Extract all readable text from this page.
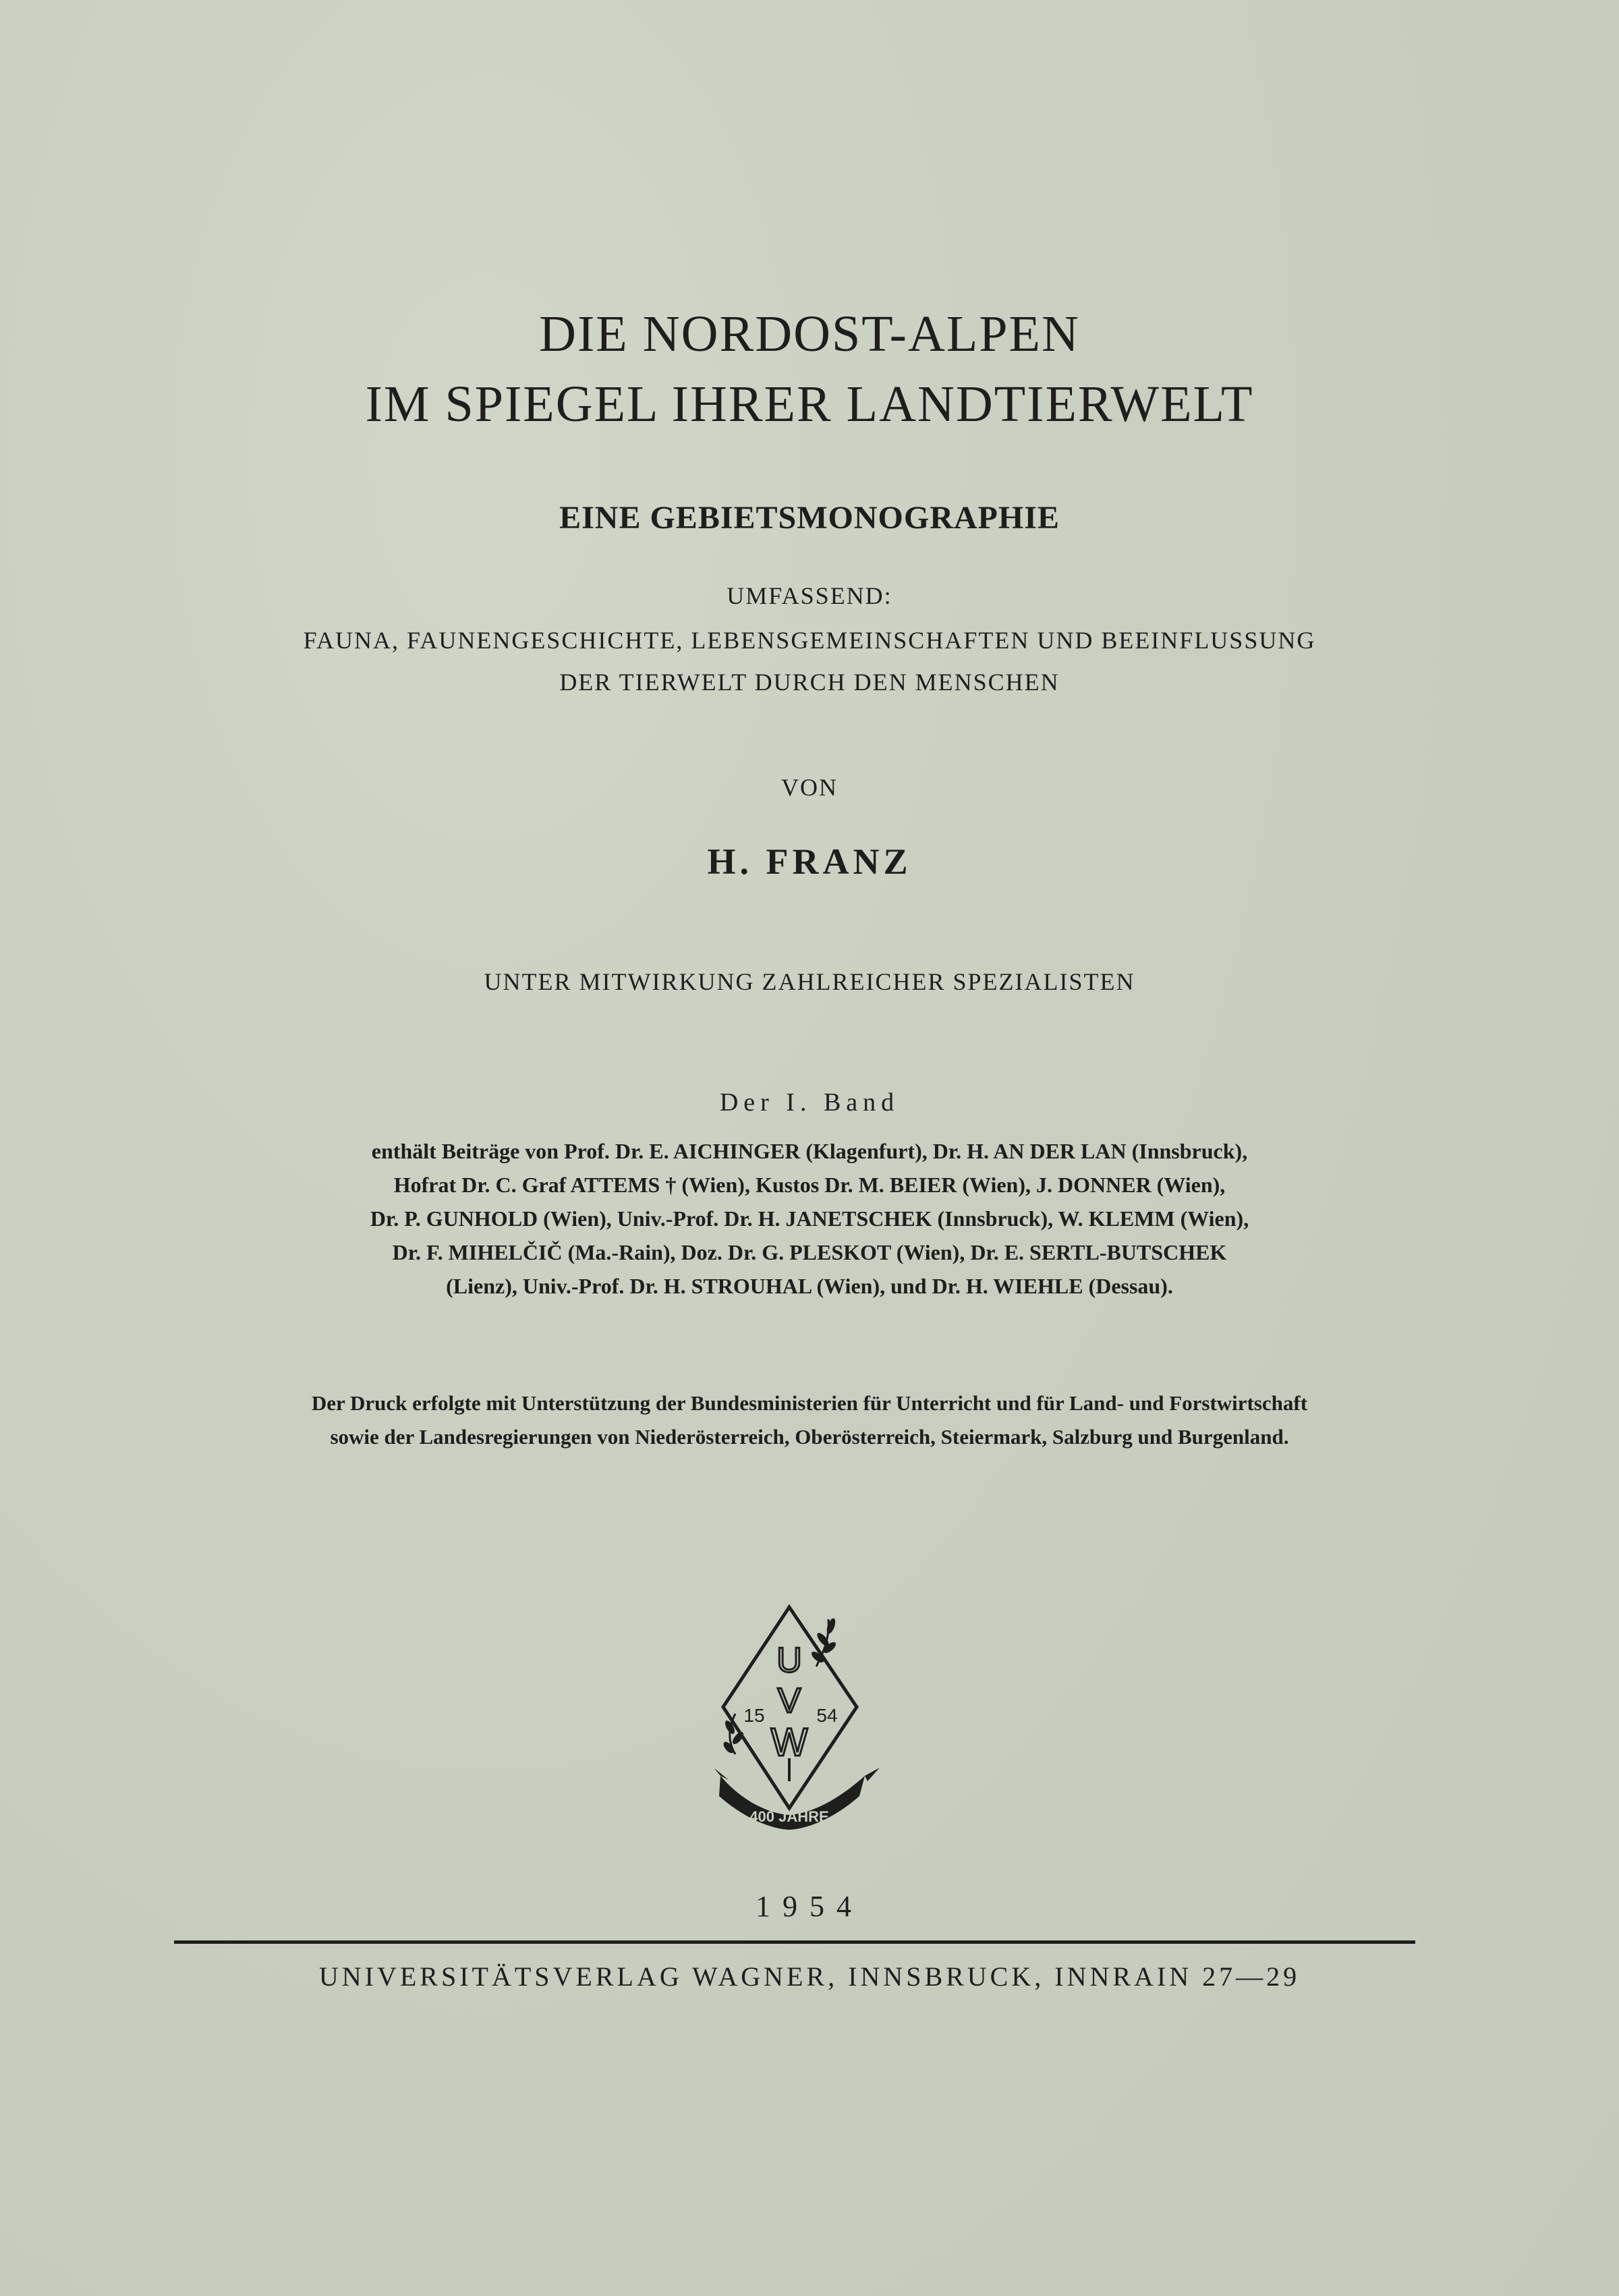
DIE NORDOST-ALPEN
IM SPIEGEL IHRER LANDTIERWELT
EINE GEBIETSMONOGRAPHIE
UMFASSEND:
FAUNA, FAUNENGESCHICHTE, LEBENSGEMEINSCHAFTEN UND BEEINFLUSSUNG
DER TIERWELT DURCH DEN MENSCHEN
VON
H. FRANZ
UNTER MITWIRKUNG ZAHLREICHER SPEZIALISTEN
Der I. Band
enthält Beiträge von Prof. Dr. E. AICHINGER (Klagenfurt), Dr. H. AN DER LAN (Innsbruck),
Hofrat Dr. C. Graf ATTEMS † (Wien), Kustos Dr. M. BEIER (Wien), J. DONNER (Wien),
Dr. P. GUNHOLD (Wien), Univ.-Prof. Dr. H. JANETSCHEK (Innsbruck), W. KLEMM (Wien),
Dr. F. MIHELČIČ (Ma.-Rain), Doz. Dr. G. PLESKOT (Wien), Dr. E. SERTL-BUTSCHEK
(Lienz), Univ.-Prof. Dr. H. STROUHAL (Wien), und Dr. H. WIEHLE (Dessau).
Der Druck erfolgte mit Unterstützung der Bundesministerien für Unterricht und für Land- und Forstwirtschaft
sowie der Landesregierungen von Niederösterreich, Oberösterreich, Steiermark, Salzburg und Burgenland.
U
V
W
15	54
400 JAHRE
1954
UNIVERSITÄTSVERLAG WAGNER, INNSBRUCK, INNRAIN 27—29
